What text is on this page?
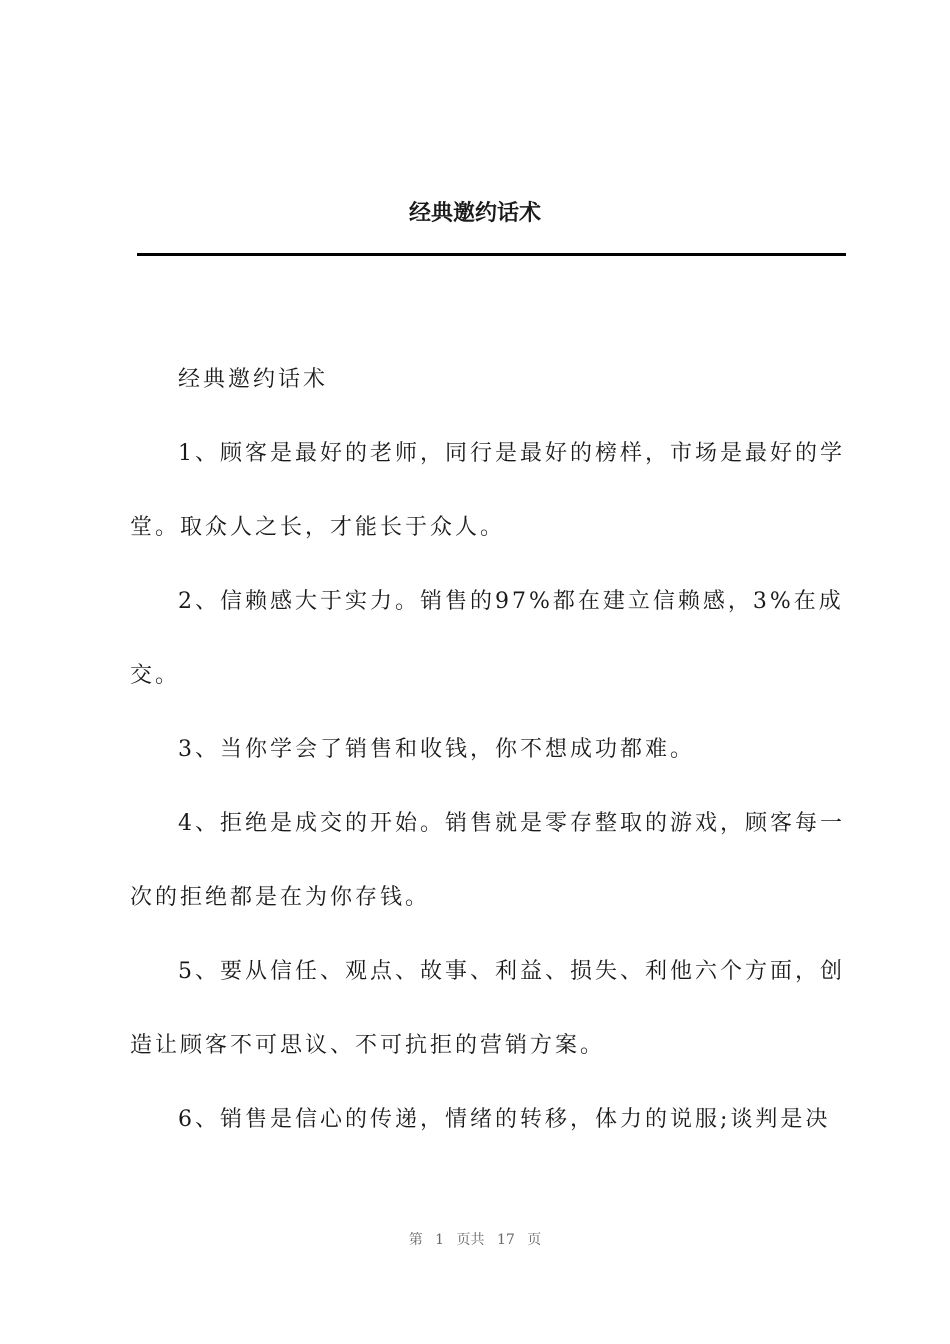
经典邀约话术

经典邀约话术

1、顾客是最好的老师，同行是最好的榜样，市场是最好的学堂。取众人之长，才能长于众人。

2、信赖感大于实力。销售的97%都在建立信赖感，3%在成交。

3、当你学会了销售和收钱，你不想成功都难。

4、拒绝是成交的开始。销售就是零存整取的游戏，顾客每一次的拒绝都是在为你存钱。

5、要从信任、观点、故事、利益、损失、利他六个方面，创造让顾客不可思议、不可抗拒的营销方案。

6、销售是信心的传递，情绪的转移，体力的说服;谈判是决

第 1 页共 17 页
